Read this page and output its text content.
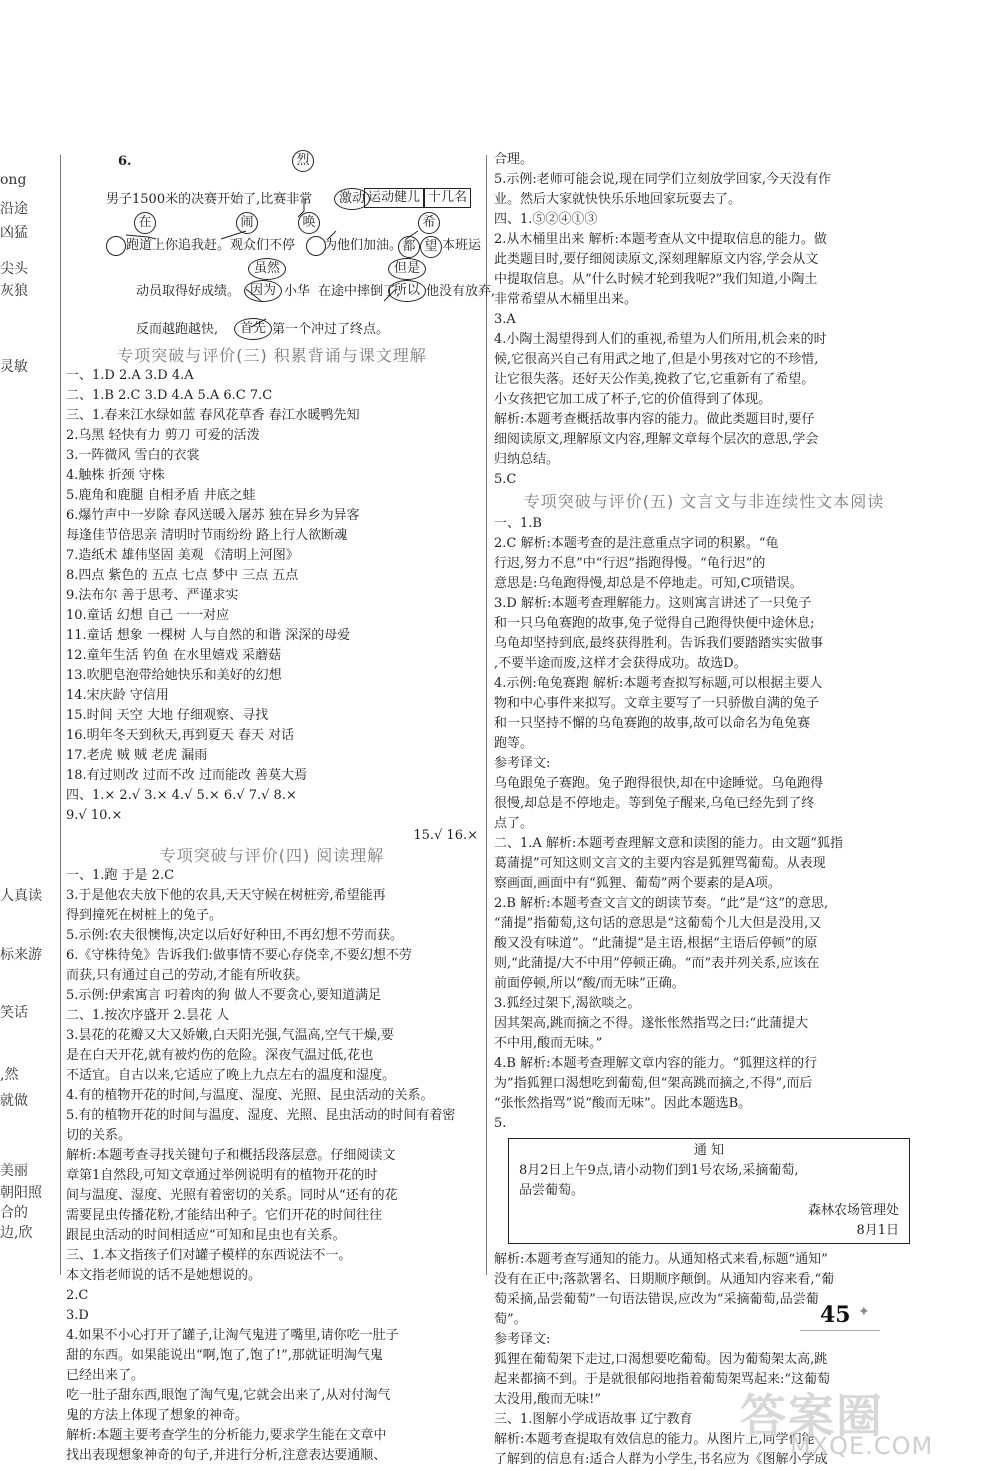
ong
沿途
凶猛
尖头
灰狼
灵敏
人真读
标来游
笑话
,然
就做
美丽
朝阳照
合的
边,欣
6.	烈
男子1500米的决赛开始了,比赛非常	激动 运动健儿 十几名
在	闹	唤	希
跑道上你追我赶。观众们不停 为他们加油。 都 望 本班运
虽然	但是
动员取得好成绩。 因为 小华 在途中摔倒了,
所以 他没有放弃,
反而越跑越快,	首先 第一个冲过了终点。
专项突破与评价(三) 积累背诵与课文理解
一、1.D 2.A 3.D 4.A
二、1.B 2.C 3.D 4.A 5.A 6.C 7.C
三、1.春来江水绿如蓝 春风花草香 春江水暖鸭先知
2.乌黑 轻快有力 剪刀 可爱的活泼
3.一阵微风 雪白的衣裳
4.触株 折颈 守株
5.鹿角和鹿腿 自相矛盾 井底之蛙
6.爆竹声中一岁除 春风送暖入屠苏 独在异乡为异客
每逢佳节倍思亲 清明时节雨纷纷 路上行人欲断魂
7.造纸术 雄伟坚固 美观 《清明上河图》
8.四点 紫色的 五点 七点 梦中 三点 五点
9.法布尔 善于思考、严谨求实
10.童话 幻想 自己 一一对应
11.童话 想象 一棵树 人与自然的和谐 深深的母爱
12.童年生活 钓鱼 在水里嬉戏 采蘑菇
13.吹肥皂泡带给她快乐和美好的幻想
14.宋庆龄 守信用
15.时间 天空 大地 仔细观察、寻找
16.明年冬天到秋天,再到夏天 春天 对话
17.老虎 贼 贼 老虎 漏雨
18.有过则改 过而不改 过而能改 善莫大焉
四、1.× 2.√ 3.× 4.√ 5.× 6.√ 7.√ 8.×
9.√ 10.×
15.√ 16.×
专项突破与评价(四) 阅读理解
一、1.跑 于是 2.C
3.于是他农夫放下他的农具,天天守候在树桩旁,希望能再
得到撞死在树桩上的兔子。
5.示例:农夫很懊悔,决定以后好好种田,不再幻想不劳而获。
6.《守株待兔》告诉我们:做事情不要心存侥幸,不要幻想不劳
而获,只有通过自己的劳动,才能有所收获。
5.示例:伊索寓言 叼着肉的狗 做人不要贪心,要知道满足
二、1.按次序盛开 2.昙花 人
3.昙花的花瓣又大又娇嫩,白天阳光强,气温高,空气干燥,要
是在白天开花,就有被灼伤的危险。深夜气温过低,花也
不适宜。自古以来,它适应了晚上九点左右的温度和湿度。
4.有的植物开花的时间,与温度、湿度、光照、昆虫活动的关系。
5.有的植物开花的时间与温度、湿度、光照、昆虫活动的时间有着密
切的关系。
解析:本题考查寻找关键句子和概括段落层意。仔细阅读文
章第1自然段,可知文章通过举例说明有的植物开花的时
间与温度、湿度、光照有着密切的关系。同时从“还有的花
需要昆虫传播花粉,才能结出种子。它们开花的时间往往
跟昆虫活动的时间相适应”可知和昆虫也有关系。
三、1.本文指孩子们对罐子模样的东西说法不一。
本文指老师说的话不是她想说的。
2.C
3.D
4.如果不小心打开了罐子,让淘气鬼进了嘴里,请你吃一肚子
甜的东西。如果能说出“啊,饱了,饱了!”,那就证明淘气鬼
已经出来了。
吃一肚子甜东西,眼饱了淘气鬼,它就会出来了,从对付淘气
鬼的方法上体现了想象的神奇。
解析:本题主要考查学生的分析能力,要求学生能在文章中
找出表现想象神奇的句子,并进行分析,注意表达要通顺、
合理。
5.示例:老师可能会说,现在同学们立刻放学回家,今天没有作
业。然后大家就快快乐乐地回家玩耍去了。
四、1.⑤②④①③
2.从木桶里出来 解析:本题考查从文中提取信息的能力。做
此类题目时,要仔细阅读原文,深刻理解原文内容,学会从文
中提取信息。从“什么时候才轮到我呢?”我们知道,小陶土
非常希望从木桶里出来。
3.A
4.小陶土渴望得到人们的重视,希望为人们所用,机会来的时
候,它很高兴自己有用武之地了,但是小男孩对它的不珍惜,
让它很失落。还好天公作美,挽救了它,它重新有了希望。
小女孩把它加工成了杯子,它的价值得到了体现。
解析:本题考查概括故事内容的能力。做此类题目时,要仔
细阅读原文,理解原文内容,理解文章每个层次的意思,学会
归纳总结。
5.C
专项突破与评价(五) 文言文与非连续性文本阅读
一、1.B
2.C 解析:本题考查的是注意重点字词的积累。“龟
行迟,努力不息”中“行迟”指跑得慢。“龟行迟”的
意思是:乌龟跑得慢,却总是不停地走。可知,C项错误。
3.D 解析:本题考查理解能力。这则寓言讲述了一只兔子
和一只乌龟赛跑的故事,兔子觉得自己跑得快便中途休息;
乌龟却坚持到底,最终获得胜利。告诉我们要踏踏实实做事
,不要半途而废,这样才会获得成功。故选D。
4.示例:龟兔赛跑 解析:本题考查拟写标题,可以根据主要人
物和中心事件来拟写。文章主要写了一只骄傲自满的兔子
和一只坚持不懈的乌龟赛跑的故事,故可以命名为龟兔赛
跑等。
参考译文:
乌龟跟兔子赛跑。兔子跑得很快,却在中途睡觉。乌龟跑得
很慢,却总是不停地走。等到兔子醒来,乌龟已经先到了终
点了。
二、1.A 解析:本题考查理解文意和读图的能力。由文题“狐指
葛蒲提”可知这则文言文的主要内容是狐狸骂葡萄。从表现
察画面,画面中有“狐狸、葡萄”两个要素的是A项。
2.B 解析:本题考查文言文的朗读节奏。“此”是“这”的意思,
“蒲提”指葡萄,这句话的意思是“这葡萄个儿大但是没用,又
酸又没有味道”。“此蒲提”是主语,根据“主语后停顿”的原
则,“此蒲提/大不中用”停顿正确。“而”表并列关系,应该在
前面停顿,所以“酸/而无味”正确。
3.狐经过架下,渴欲啖之。
因其架高,跳而摘之不得。遂怅怅然指骂之曰:“此蒲提大
不中用,酸而无味。”
4.B 解析:本题考查理解文章内容的能力。“狐狸这样的行
为”指狐狸口渴想吃到葡萄,但“架高跳而摘之,不得”,而后
“张怅然指骂”说“酸而无味”。因此本题选B。
5.
通 知
8月2日上午9点,请小动物们到1号农场,采摘葡萄,
品尝葡萄。
森林农场管理处
8月1日
解析:本题考查写通知的能力。从通知格式来看,标题“通知”
没有在正中;落款署名、日期顺序颠倒。从通知内容来看,“葡
萄采摘,品尝葡萄”一句语法错误,应改为“采摘葡萄,品尝葡
萄”。
参考译文:
狐狸在葡萄架下走过,口渴想要吃葡萄。因为葡萄架太高,跳
起来都摘不到。于是就很郁闷地指着葡萄架骂起来:“这葡萄
太没用,酸而无味!”
三、1.图解小学成语故事 辽宁教育
解析:本题考查提取有效信息的能力。从图片上,同学们能
了解到的信息有:适合人群为小学生,书名应为《图解小学成
45 ✦
答案圈
MXQE.COM
